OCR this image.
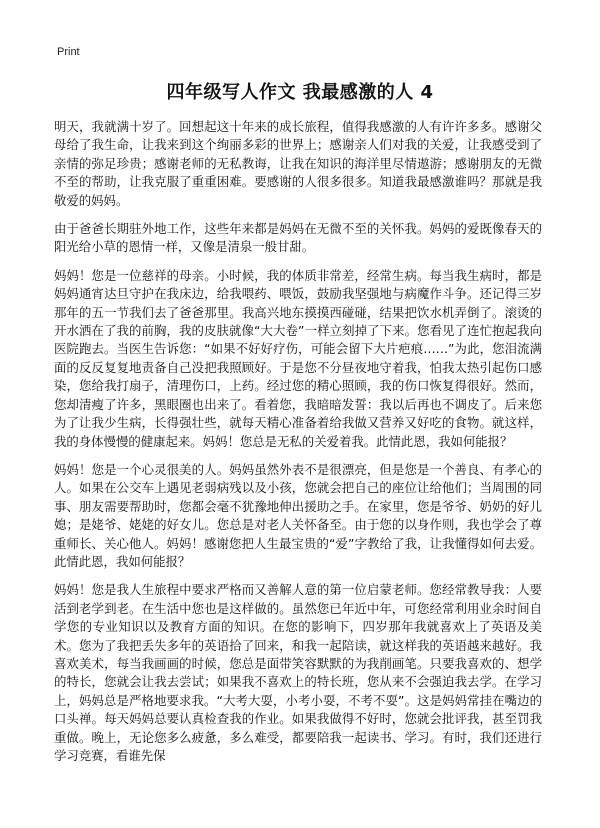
Print
四年级写人作文 我最感激的人 4

明天，我就满十岁了。回想起这十年来的成长旅程，值得我感激的人有许许多多。感谢父母给了我生命，让我来到这个绚丽多彩的世界上；感谢亲人们对我的关爱，让我感受到了亲情的弥足珍贵；感谢老师的无私教诲，让我在知识的海洋里尽情遨游；感谢朋友的无微不至的帮助，让我克服了重重困难。要感谢的人很多很多。知道我最感激谁吗？那就是我敬爱的妈妈。

由于爸爸长期驻外地工作，这些年来都是妈妈在无微不至的关怀我。妈妈的爱既像春天的阳光给小草的恩情一样，又像是清泉一般甘甜。

妈妈！您是一位慈祥的母亲。小时候，我的体质非常差，经常生病。每当我生病时，都是妈妈通宵达旦守护在我床边，给我喂药、喂饭，鼓励我坚强地与病魔作斗争。还记得三岁那年的五一节我们去了爸爸那里。我高兴地东摸摸西碰碰，结果把饮水机弄倒了。滚烫的开水洒在了我的前胸，我的皮肤就像“大大卷”一样立刻掉了下来。您看见了连忙抱起我向医院跑去。当医生告诉您：“如果不好好疗伤，可能会留下大片疤痕……”为此，您泪流满面的反反复复地责备自己没把我照顾好。于是您不分昼夜地守着我，怕我太热引起伤口感染，您给我打扇子，清理伤口，上药。经过您的精心照顾，我的伤口恢复得很好。然而，您却清瘦了许多，黑眼圈也出来了。看着您，我暗暗发誓：我以后再也不调皮了。后来您为了让我少生病，长得强壮些，就每天精心准备着给我做又营养又好吃的食物。就这样，我的身体慢慢的健康起来。妈妈！您总是无私的关爱着我。此情此恩，我如何能报？

妈妈！您是一个心灵很美的人。妈妈虽然外表不是很漂亮，但是您是一个善良、有孝心的人。如果在公交车上遇见老弱病残以及小孩，您就会把自己的座位让给他们；当周围的同事、朋友需要帮助时，您都会毫不犹豫地伸出援助之手。在家里，您是爷爷、奶奶的好儿媳；是姥爷、姥姥的好女儿。您总是对老人关怀备至。由于您的以身作则，我也学会了尊重师长、关心他人。妈妈！感谢您把人生最宝贵的“爱”字教给了我，让我懂得如何去爱。此情此恩，我如何能报？

妈妈！您是我人生旅程中要求严格而又善解人意的第一位启蒙老师。您经常教导我：人要活到老学到老。在生活中您也是这样做的。虽然您已年近中年，可您经常利用业余时间自学您的专业知识以及教育方面的知识。在您的影响下，四岁那年我就喜欢上了英语及美术。您为了我把丢失多年的英语拾了回来，和我一起陪读，就这样我的英语越来越好。我喜欢美术，每当我画画的时候，您总是面带笑容默默的为我削画笔。只要我喜欢的、想学的特长，您就会让我去尝试；如果我不喜欢上的特长班，您从来不会强迫我去学。在学习上，妈妈总是严格地要求我。“大考大耍，小考小耍，不考不耍”。这是妈妈常挂在嘴边的口头禅。每天妈妈总要认真检查我的作业。如果我做得不好时，您就会批评我，甚至罚我重做。晚上，无论您多么疲惫，多么难受，都要陪我一起读书、学习。有时，我们还进行学习竞赛，看谁先保
